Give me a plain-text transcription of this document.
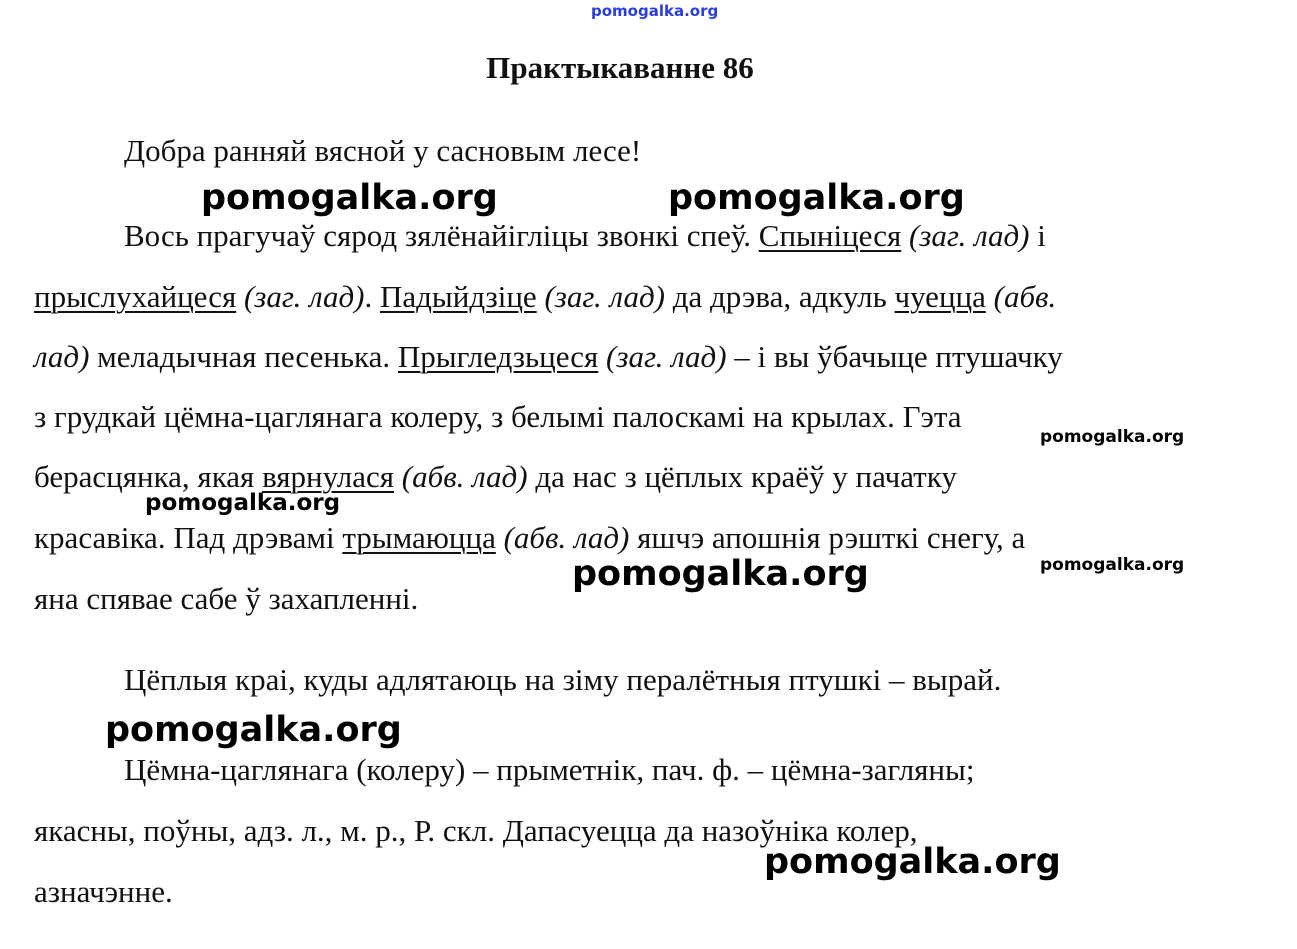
pomogalka.org
Практыкаванне 86
Добра ранняй вясной у сасновым лесе!
Вось прагучаў сярод зялёнайігліцы звонкі спеў. Спыніцеся (заг. лад) і
прыслухайцеся (заг. лад). Падыйдзіце (заг. лад) да дрэва, адкуль чуецца (абв.
лад) меладычная песенька. Прыгледзьцеся (заг. лад) – і вы ўбачыце птушачку
з грудкай цёмна-цаглянага колеру, з белымі палоскамі на крылах. Гэта
берасцянка, якая вярнулася (абв. лад) да нас з цёплых краёў у пачатку
красавіка. Пад дрэвамі трымаюцца (абв. лад) яшчэ апошнія рэшткі снегу, а
яна спявае сабе ў захапленні.
Цёплыя краі, куды адлятаюць на зіму пералётныя птушкі – вырай.
Цёмна-цаглянага (колеру) – прыметнік, пач. ф. – цёмна-загляны;
якасны, поўны, адз. л., м. р., Р. скл. Дапасуецца да назоўніка колер,
азначэнне.
pomogalka.org	pomogalka.org
pomogalka.org
pomogalka.org
pomogalka.org	pomogalka.org
pomogalka.org
pomogalka.org
